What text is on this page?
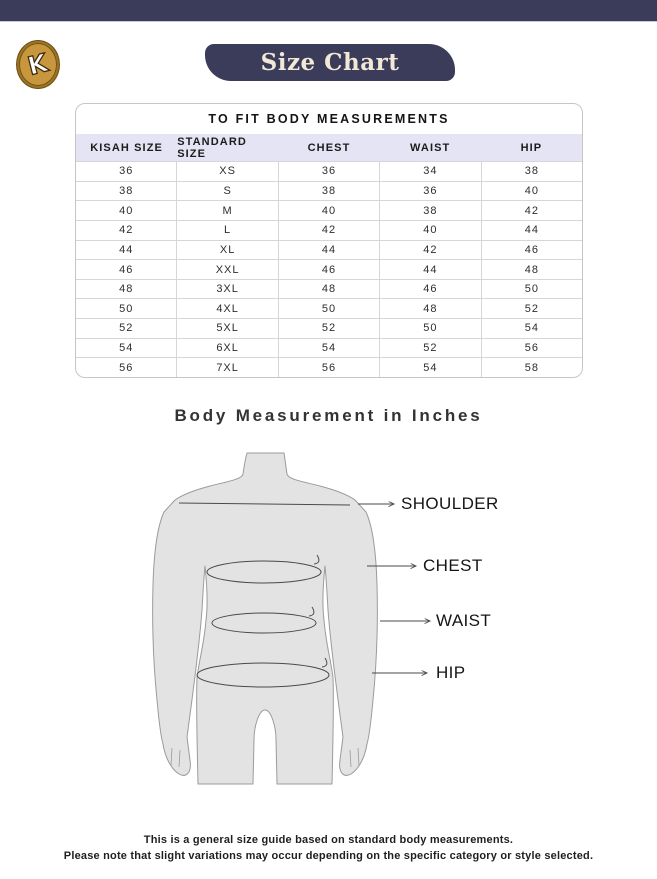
K	Size Chart
TO FIT BODY MEASUREMENTS
KISAH SIZE	STANDARD SIZE	CHEST	WAIST	HIP
36	XS	36	34	38
38	S	38	36	40
40	M	40	38	42
42	L	42	40	44
44	XL	44	42	46
46	XXL	46	44	48
48	3XL	48	46	50
50	4XL	50	48	52
52	5XL	52	50	54
54	6XL	54	52	56
56	7XL	56	54	58
Body Measurement in Inches
SHOULDER
CHEST
WAIST
HIP
This is a general size guide based on standard body measurements.
Please note that slight variations may occur depending on the specific category or style selected.
